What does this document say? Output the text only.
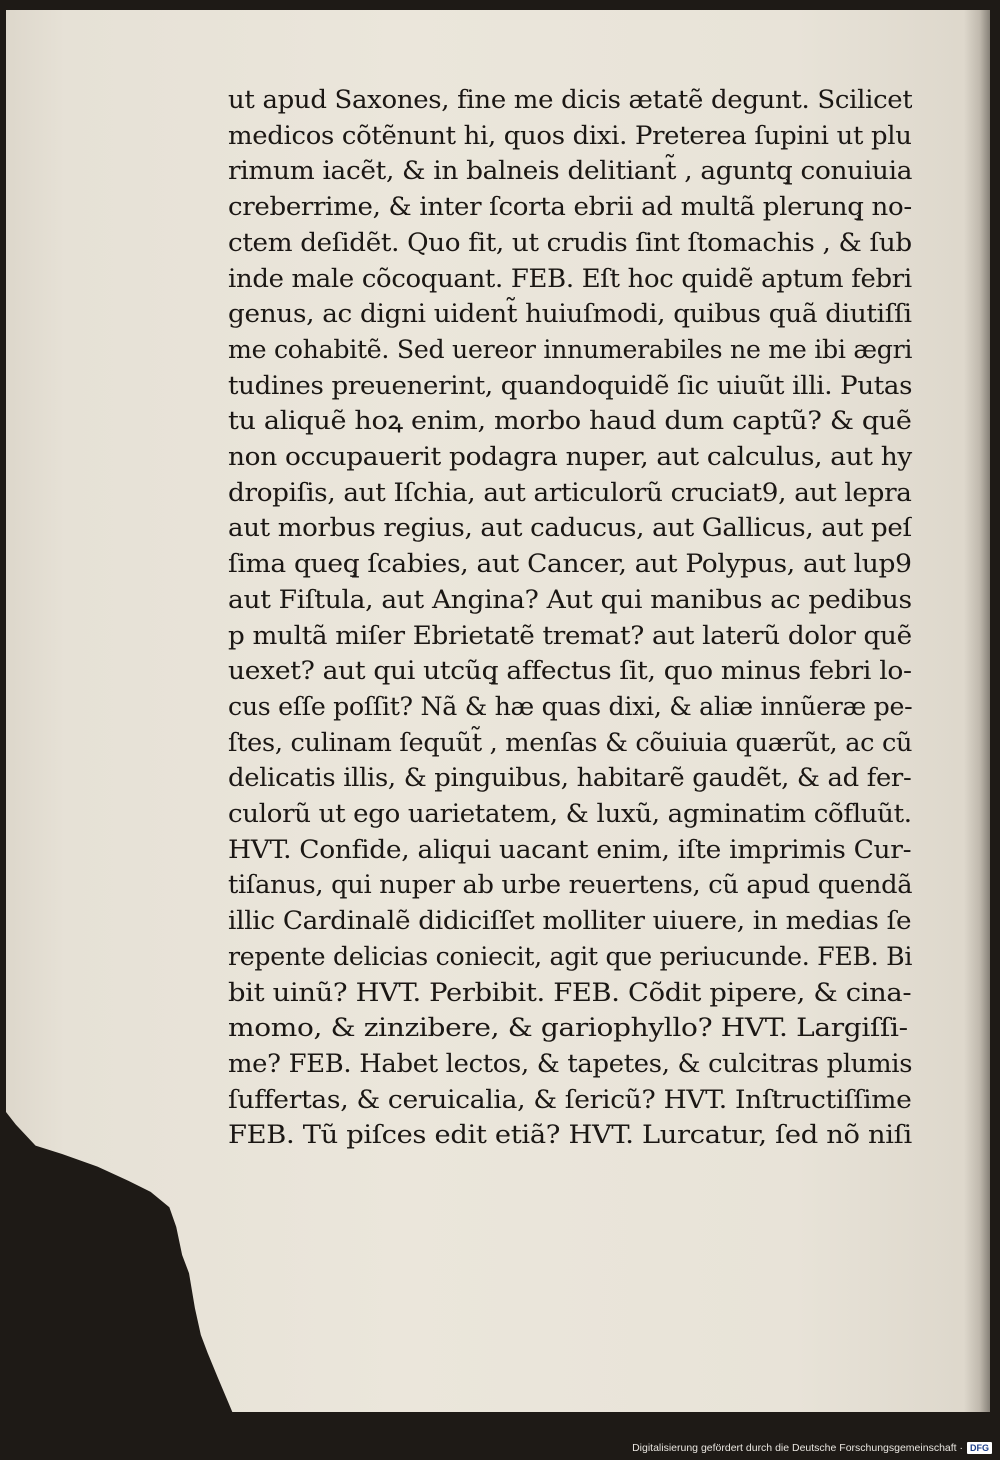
ut apud Saxones, fine me dicis ætatẽ degunt. Scilicet
medicos cõtẽnunt hi, quos dixi. Preterea ſupini ut plu
rimum iacẽt, & in balneis delitiant̃ , aguntq̧ conuiuia
creberrime, & inter ſcorta ebrii ad multã plerunq̧ no-
ctem deſidẽt. Quo fit, ut crudis ſint ſtomachis , & ſub
inde male cõcoquant. FEB. Eſt hoc quidẽ aptum febri
genus, ac digni uident̃ huiuſmodi, quibus quã diutiſſi
me cohabitẽ. Sed uereor innumerabiles ne me ibi ægri
tudines preuenerint, quandoquidẽ ſic uiuũt illi. Putas
tu aliquẽ hoꝝ enim, morbo haud dum captũ? & quẽ
non occupauerit podagra nuper, aut calculus, aut hy
dropiſis, aut Iſchia, aut articulorũ cruciat9, aut lepra
aut morbus regius, aut caducus, aut Gallicus, aut peſ
ſima queq̧ ſcabies, aut Cancer, aut Polypus, aut lup9
aut Fiſtula, aut Angina? Aut qui manibus ac pedibus
p multã miſer Ebrietatẽ tremat? aut laterũ dolor quẽ
uexet? aut qui utcũq̧ affectus ſit, quo minus febri lo-
cus eſſe poſſit? Nã & hæ quas dixi, & aliæ innũeræ pe-
ſtes, culinam ſequũt̃ , menſas & cõuiuia quærũt, ac cũ
delicatis illis, & pinguibus, habitarẽ gaudẽt, & ad fer-
culorũ ut ego uarietatem, & luxũ, agminatim cõfluũt.
HVT. Confide, aliqui uacant enim, iſte imprimis Cur-
tiſanus, qui nuper ab urbe reuertens, cũ apud quendã
illic Cardinalẽ didiciſſet molliter uiuere, in medias ſe
repente delicias coniecit, agit que periucunde. FEB. Bi
bit uinũ? HVT. Perbibit. FEB. Cõdit pipere, & cina-
momo, & zinzibere, & gariophyllo? HVT. Largiſſi-
me? FEB. Habet lectos, & tapetes, & culcitras plumis
ſuffertas, & ceruicalia, & ſericũ? HVT. Inſtructiſſime
FEB. Tũ piſces edit etiã? HVT. Lurcatur, ſed nõ niſi
Digitalisierung gefördert durch die Deutsche Forschungsgemeinschaft · DFG
